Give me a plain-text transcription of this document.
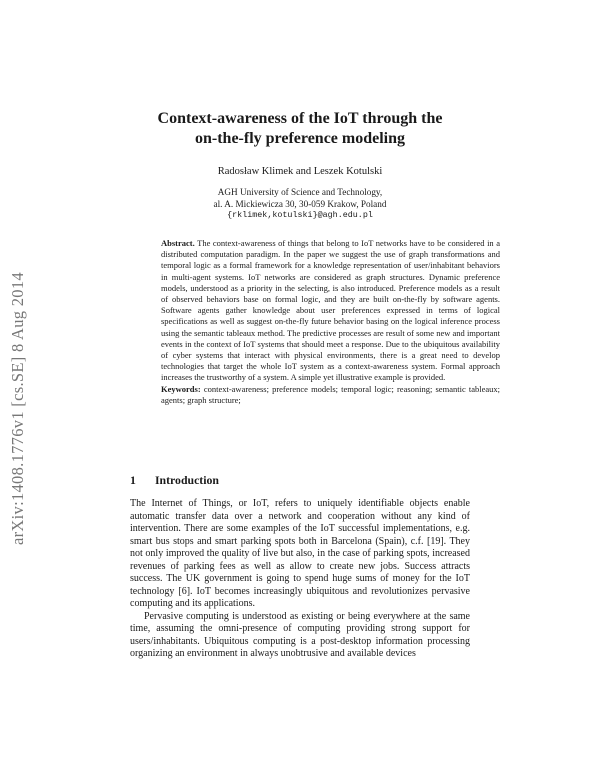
arXiv:1408.1776v1 [cs.SE] 8 Aug 2014
Context-awareness of the IoT through the
on-the-fly preference modeling
Radosław Klimek and Leszek Kotulski
AGH University of Science and Technology,
al. A. Mickiewicza 30, 30-059 Krakow, Poland
{rklimek,kotulski}@agh.edu.pl
Abstract. The context-awareness of things that belong to IoT networks have to be considered in a distributed computation paradigm. In the paper we suggest the use of graph transformations and temporal logic as a formal framework for a knowledge representation of user/inhabitant behaviors in multi-agent systems. IoT networks are considered as graph structures. Dynamic preference models, understood as a priority in the selecting, is also introduced. Preference models as a result of observed behaviors base on formal logic, and they are built on-the-fly by software agents. Software agents gather knowledge about user preferences expressed in terms of logical specifications as well as suggest on-the-fly future behavior basing on the logical inference process using the semantic tableaux method. The predictive processes are result of some new and important events in the context of IoT systems that should meet a response. Due to the ubiquitous availability of cyber systems that interact with physical environments, there is a great need to develop technologies that target the whole IoT system as a context-awareness system. Formal approach increases the trustworthy of a system. A simple yet illustrative example is provided.
Keywords: context-awareness; preference models; temporal logic; reasoning; semantic tableaux; agents; graph structure;
1 Introduction

The Internet of Things, or IoT, refers to uniquely identifiable objects enable automatic transfer data over a network and cooperation without any kind of intervention. There are some examples of the IoT successful implementations, e.g. smart bus stops and smart parking spots both in Barcelona (Spain), c.f. [19]. They not only improved the quality of live but also, in the case of parking spots, increased revenues of parking fees as well as allow to create new jobs. Success attracts success. The UK government is going to spend huge sums of money for the IoT technology [6]. IoT becomes increasingly ubiquitous and revolutionizes pervasive computing and its applications.

Pervasive computing is understood as existing or being everywhere at the same time, assuming the omni-presence of computing providing strong support for users/inhabitants. Ubiquitous computing is a post-desktop information processing organizing an environment in always unobtrusive and available devices
